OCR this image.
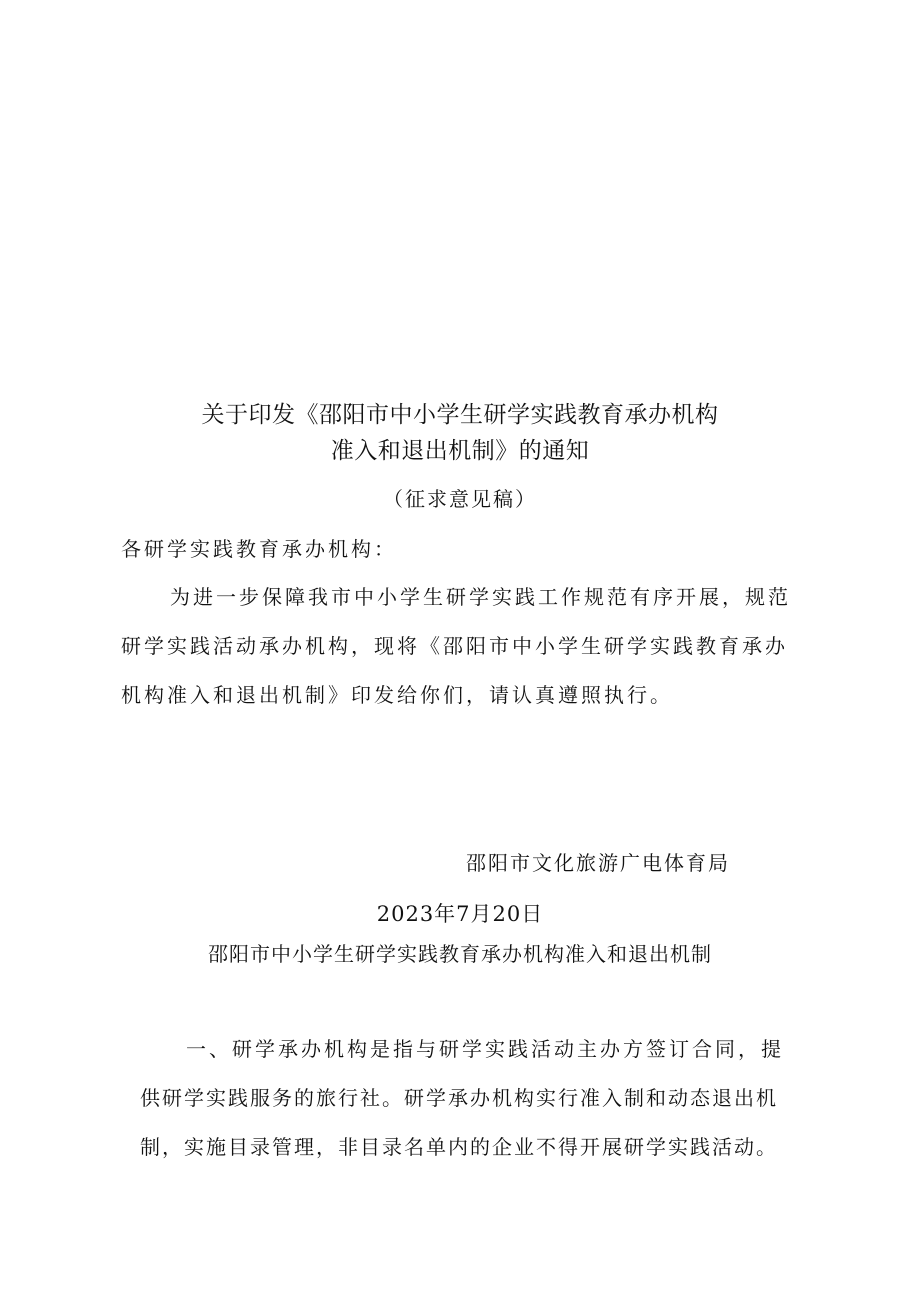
关于印发《邵阳市中小学生研学实践教育承办机构
准入和退出机制》的通知
（征求意见稿）
各研学实践教育承办机构：
为进一步保障我市中小学生研学实践工作规范有序开展，规范
研学实践活动承办机构，现将《邵阳市中小学生研学实践教育承办
机构准入和退出机制》印发给你们，请认真遵照执行。
邵阳市文化旅游广电体育局
2023年7月20日
邵阳市中小学生研学实践教育承办机构准入和退出机制
一、研学承办机构是指与研学实践活动主办方签订合同，提
供研学实践服务的旅行社。研学承办机构实行准入制和动态退出机
制，实施目录管理，非目录名单内的企业不得开展研学实践活动。
